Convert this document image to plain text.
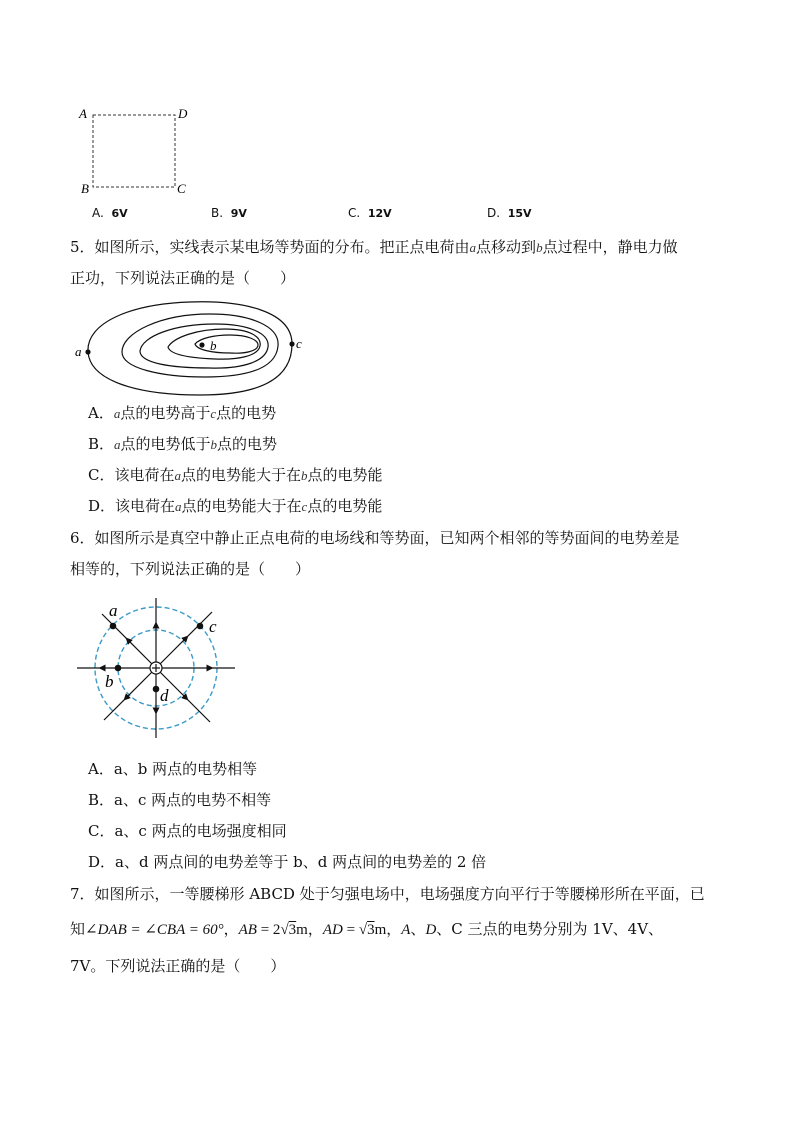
A	D
B	C
A. 6V	B. 9V	C. 12V	D. 15V
5．如图所示，实线表示某电场等势面的分布。把正点电荷由a点移动到b点过程中，静电力做
正功，下列说法正确的是（　　）
a	b	c
A．a点的电势高于c点的电势
B．a点的电势低于b点的电势
C．该电荷在a点的电势能大于在b点的电势能
D．该电荷在a点的电势能大于在c点的电势能
6．如图所示是真空中静止正点电荷的电场线和等势面，已知两个相邻的等势面间的电势差是
相等的，下列说法正确的是（　　）
a
c
b
d
A．a、b 两点的电势相等
B．a、c 两点的电势不相等
C．a、c 两点的电场强度相同
D．a、d 两点间的电势差等于 b、d 两点间的电势差的 2 倍
7．如图所示，一等腰梯形 ABCD 处于匀强电场中，电场强度方向平行于等腰梯形所在平面，已
知∠DAB = ∠CBA = 60°，AB = 2√3m，AD = √3m，A、D、C 三点的电势分别为 1V、4V、
7V。下列说法正确的是（　　）
